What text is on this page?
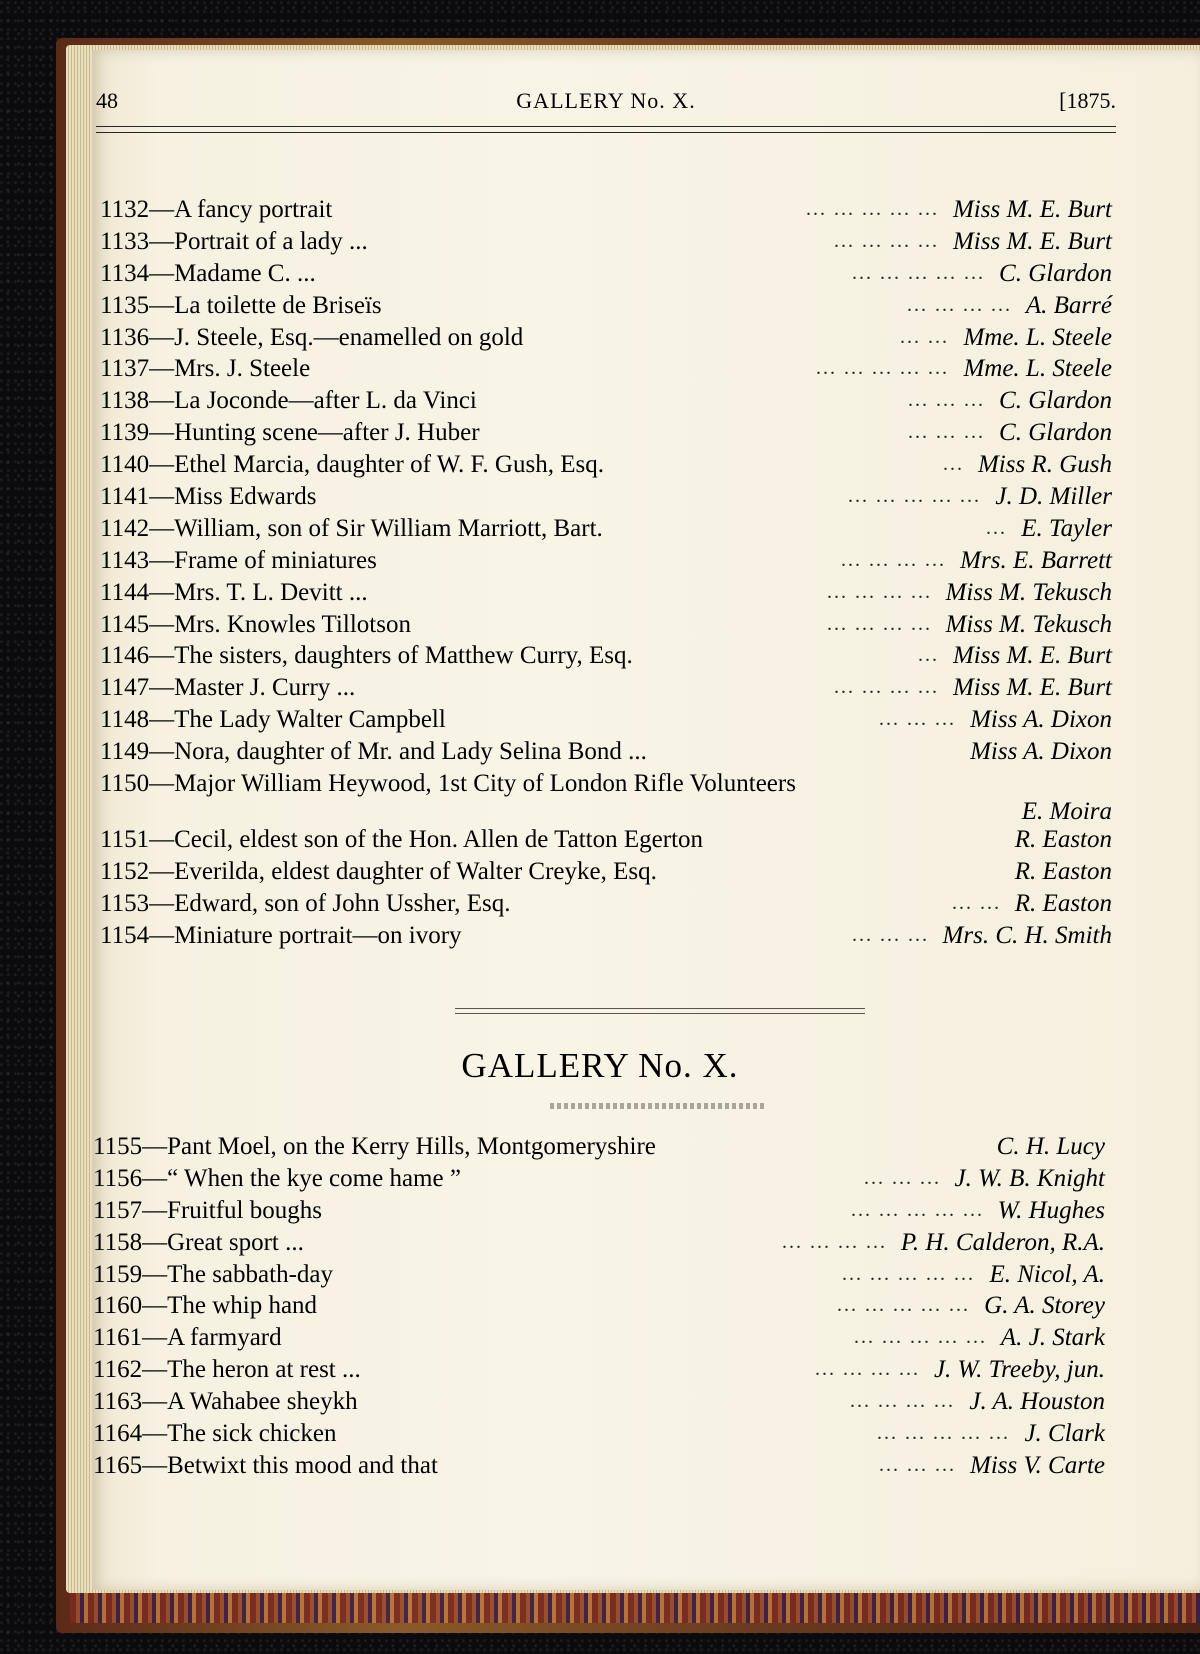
48	GALLERY No. X.	[1875.
1132—A fancy portrait	... ... ... ... ... Miss M. E. Burt
1133—Portrait of a lady ...	... ... ... ... Miss M. E. Burt
1134—Madame C. ...	... ... ... ... ... C. Glardon
1135—La toilette de Briseïs	... ... ... ... A. Barré
1136—J. Steele, Esq.—enamelled on gold	... ... Mme. L. Steele
1137—Mrs. J. Steele	... ... ... ... ... Mme. L. Steele
1138—La Joconde—after L. da Vinci	... ... ... C. Glardon
1139—Hunting scene—after J. Huber	... ... ... C. Glardon
1140—Ethel Marcia, daughter of W. F. Gush, Esq.	... Miss R. Gush
1141—Miss Edwards	... ... ... ... ... J. D. Miller
1142—William, son of Sir William Marriott, Bart.	... E. Tayler
1143—Frame of miniatures	... ... ... ... Mrs. E. Barrett
1144—Mrs. T. L. Devitt ...	... ... ... ... Miss M. Tekusch
1145—Mrs. Knowles Tillotson	... ... ... ... Miss M. Tekusch
1146—The sisters, daughters of Matthew Curry, Esq.	... Miss M. E. Burt
1147—Master J. Curry ...	... ... ... ... Miss M. E. Burt
1148—The Lady Walter Campbell	... ... ... Miss A. Dixon
1149—Nora, daughter of Mr. and Lady Selina Bond ...	Miss A. Dixon
1150—Major William Heywood, 1st City of London Rifle Volunteers
E. Moira
1151—Cecil, eldest son of the Hon. Allen de Tatton Egerton	R. Easton
1152—Everilda, eldest daughter of Walter Creyke, Esq.	R. Easton
1153—Edward, son of John Ussher, Esq.	... ... R. Easton
1154—Miniature portrait—on ivory	... ... ... Mrs. C. H. Smith
GALLERY No. X.
1155—Pant Moel, on the Kerry Hills, Montgomeryshire	C. H. Lucy
1156—“ When the kye come hame ”	... ... ... J. W. B. Knight
1157—Fruitful boughs	... ... ... ... ... W. Hughes
1158—Great sport ...	... ... ... ... P. H. Calderon, R.A.
1159—The sabbath-day	... ... ... ... ... E. Nicol, A.
1160—The whip hand	... ... ... ... ... G. A. Storey
1161—A farmyard	... ... ... ... ... A. J. Stark
1162—The heron at rest ...	... ... ... ... J. W. Treeby, jun.
1163—A Wahabee sheykh	... ... ... ... J. A. Houston
1164—The sick chicken	... ... ... ... ... J. Clark
1165—Betwixt this mood and that	... ... ... Miss V. Carte
